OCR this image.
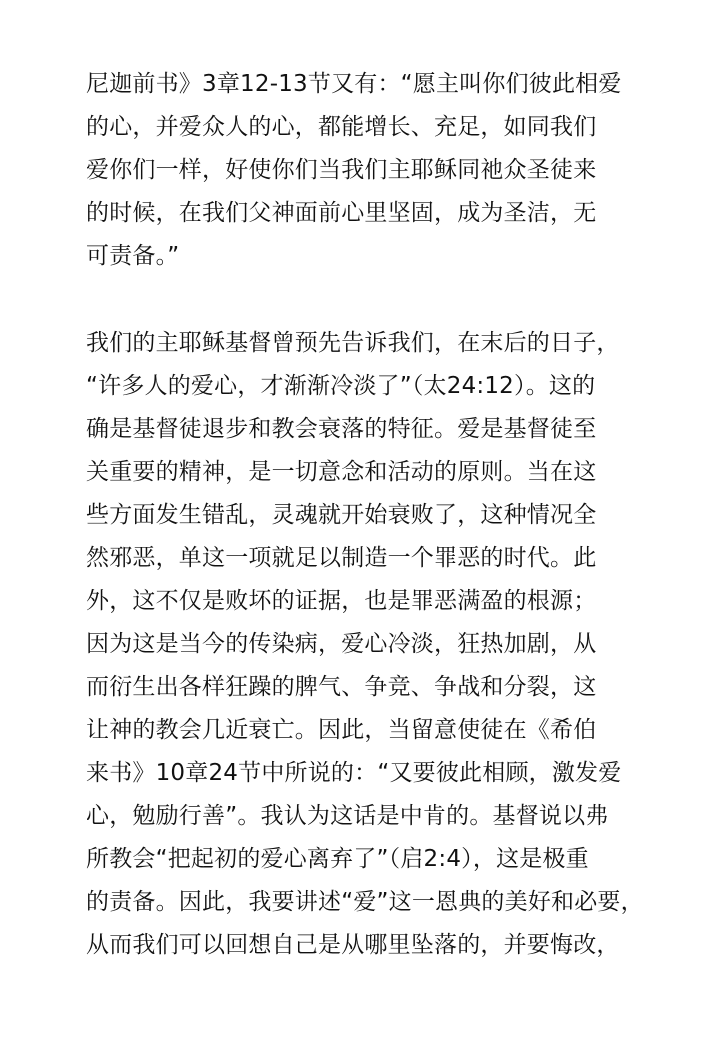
尼迦前书》3章12-13节又有：“愿主叫你们彼此相爱
的心，并爱众人的心，都能增长、充足，如同我们
爱你们一样，好使你们当我们主耶稣同祂众圣徒来
的时候，在我们父神面前心里坚固，成为圣洁，无
可责备。”
我们的主耶稣基督曾预先告诉我们，在末后的日子，
“许多人的爱心，才渐渐冷淡了”（太24:12）。这的
确是基督徒退步和教会衰落的特征。爱是基督徒至
关重要的精神，是一切意念和活动的原则。当在这
些方面发生错乱，灵魂就开始衰败了，这种情况全
然邪恶，单这一项就足以制造一个罪恶的时代。此
外，这不仅是败坏的证据，也是罪恶满盈的根源；
因为这是当今的传染病，爱心冷淡，狂热加剧，从
而衍生出各样狂躁的脾气、争竞、争战和分裂，这
让神的教会几近衰亡。因此，当留意使徒在《希伯
来书》10章24节中所说的：“又要彼此相顾，激发爱
心，勉励行善”。我认为这话是中肯的。基督说以弗
所教会“把起初的爱心离弃了”（启2:4），这是极重
的责备。因此，我要讲述“爱”这一恩典的美好和必要，
从而我们可以回想自己是从哪里坠落的，并要悔改，
